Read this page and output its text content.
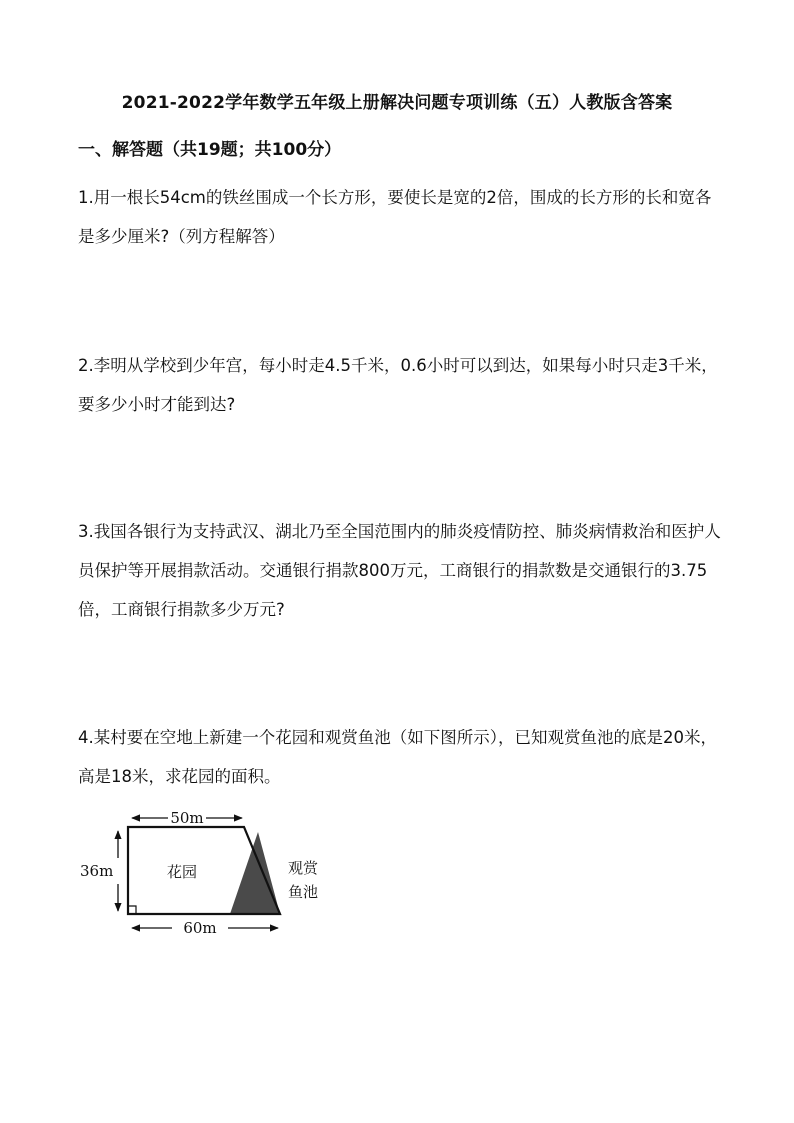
2021-2022学年数学五年级上册解决问题专项训练（五）人教版含答案
一、解答题（共19题；共100分）

1.用一根长54cm的铁丝围成一个长方形，要使长是宽的2倍，围成的长方形的长和宽各是多少厘米?（列方程解答）

2.李明从学校到少年宫，每小时走4.5千米，0.6小时可以到达，如果每小时只走3千米，要多少小时才能到达?

3.我国各银行为支持武汉、湖北乃至全国范围内的肺炎疫情防控、肺炎病情救治和医护人员保护等开展捐款活动。交通银行捐款800万元，工商银行的捐款数是交通银行的3.75倍，工商银行捐款多少万元?

4.某村要在空地上新建一个花园和观赏鱼池（如下图所示），已知观赏鱼池的底是20米，高是18米，求花园的面积。

50m
36m
60m
花园	观赏
鱼池
